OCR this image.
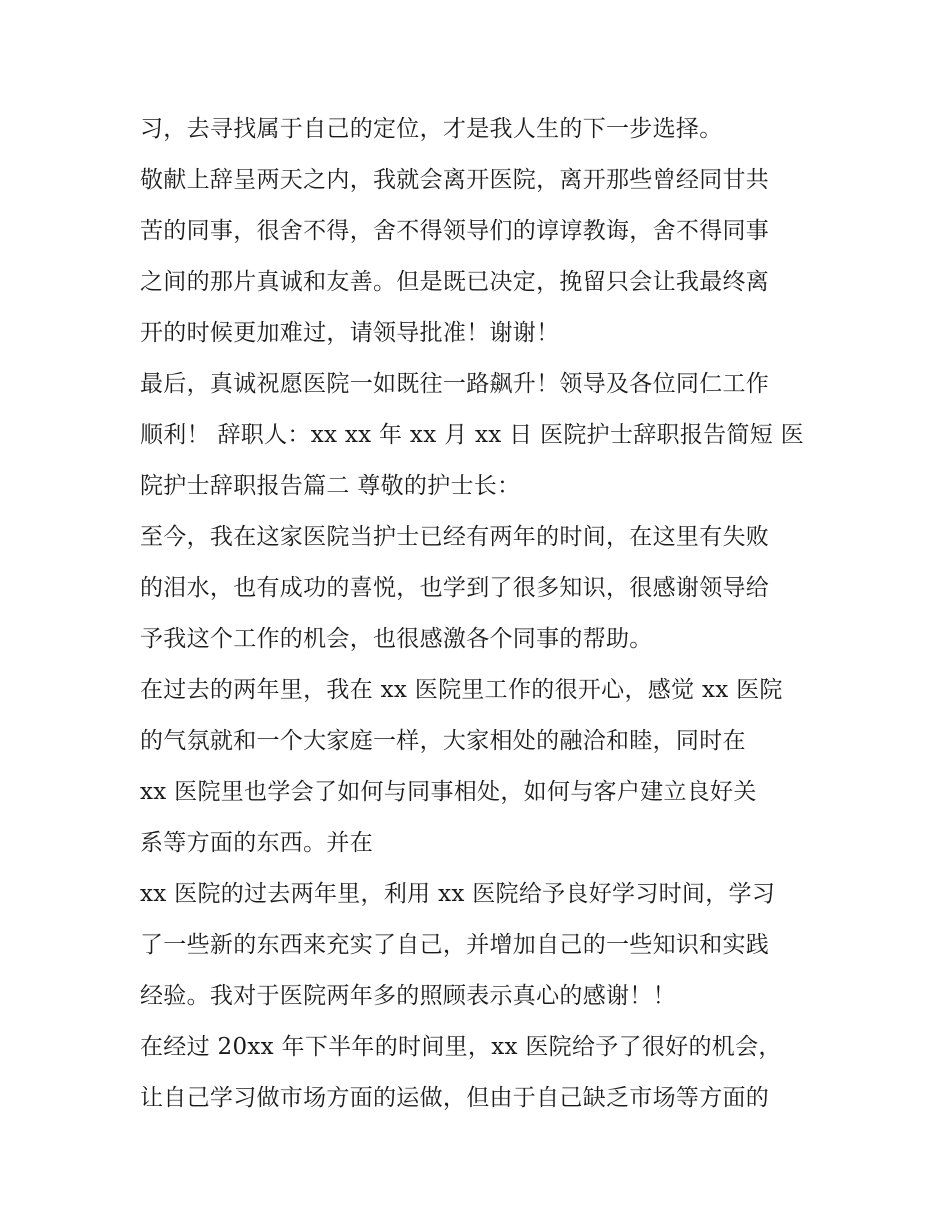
习，去寻找属于自己的定位，才是我人生的下一步选择。
敬献上辞呈两天之内，我就会离开医院，离开那些曾经同甘共
苦的同事，很舍不得，舍不得领导们的谆谆教诲，舍不得同事
之间的那片真诚和友善。但是既已决定，挽留只会让我最终离
开的时候更加难过，请领导批准！谢谢！
最后，真诚祝愿医院一如既往一路飙升！领导及各位同仁工作
顺利！ 辞职人：xx xx 年 xx 月 xx 日 医院护士辞职报告简短 医
院护士辞职报告篇二 尊敬的护士长：
至今，我在这家医院当护士已经有两年的时间，在这里有失败
的泪水，也有成功的喜悦，也学到了很多知识，很感谢领导给
予我这个工作的机会，也很感激各个同事的帮助。
在过去的两年里，我在 xx 医院里工作的很开心，感觉 xx 医院
的气氛就和一个大家庭一样，大家相处的融洽和睦，同时在
xx 医院里也学会了如何与同事相处，如何与客户建立良好关
系等方面的东西。并在
xx 医院的过去两年里，利用 xx 医院给予良好学习时间，学习
了一些新的东西来充实了自己，并增加自己的一些知识和实践
经验。我对于医院两年多的照顾表示真心的感谢！！
在经过 20xx 年下半年的时间里，xx 医院给予了很好的机会，
让自己学习做市场方面的运做，但由于自己缺乏市场等方面的
